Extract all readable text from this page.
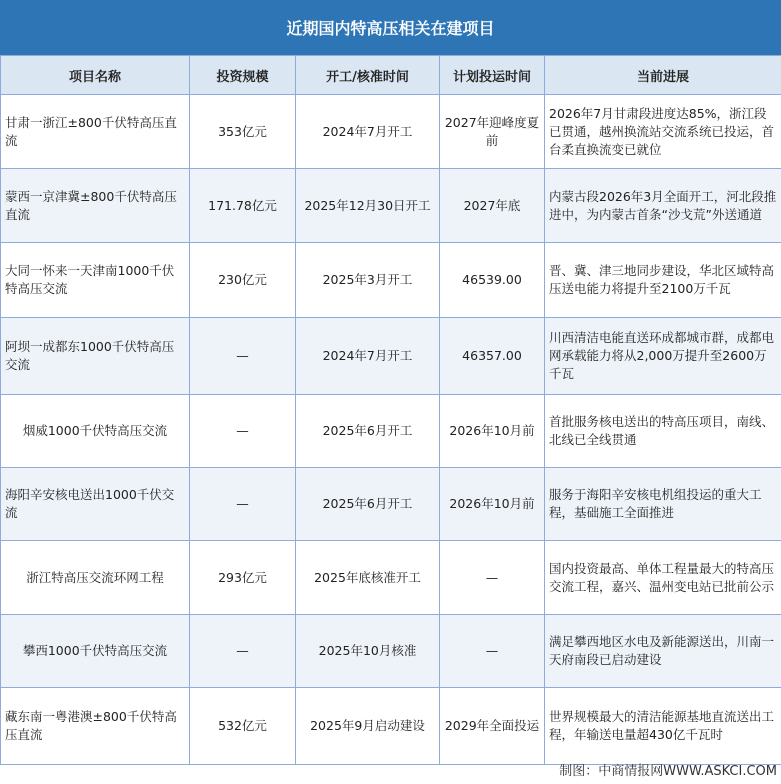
近期国内特高压相关在建项目
项目名称	投资规模	开工/核准时间	计划投运时间	当前进展
甘肃一浙江±800千伏特高压直流	353亿元	2024年7月开工	2027年迎峰度夏前	2026年7月甘肃段进度达85%，浙江段已贯通，越州换流站交流系统已投运，首台柔直换流变已就位
蒙西一京津冀±800千伏特高压直流	171.78亿元	2025年12月30日开工	2027年底	内蒙古段2026年3月全面开工，河北段推进中，为内蒙古首条“沙戈荒”外送通道
大同一怀来一天津南1000千伏特高压交流	230亿元	2025年3月开工	46539.00	晋、冀、津三地同步建设，华北区域特高压送电能力将提升至2100万千瓦
阿坝一成都东1000千伏特高压交流	—	2024年7月开工	46357.00	川西清洁电能直送环成都城市群，成都电网承载能力将从2,000万提升至2600万千瓦
烟威1000千伏特高压交流	—	2025年6月开工	2026年10月前	首批服务核电送出的特高压项目，南线、北线已全线贯通
海阳辛安核电送出1000千伏交流	—	2025年6月开工	2026年10月前	服务于海阳辛安核电机组投运的重大工程，基础施工全面推进
浙江特高压交流环网工程	293亿元	2025年底核准开工	—	国内投资最高、单体工程量最大的特高压交流工程，嘉兴、温州变电站已批前公示
攀西1000千伏特高压交流	—	2025年10月核准	—	满足攀西地区水电及新能源送出，川南一天府南段已启动建设
藏东南一粤港澳±800千伏特高压直流	532亿元	2025年9月启动建设	2029年全面投运	世界规模最大的清洁能源基地直流送出工程，年输送电量超430亿千瓦时
制图：中商情报网WWW.ASKCI.COM
